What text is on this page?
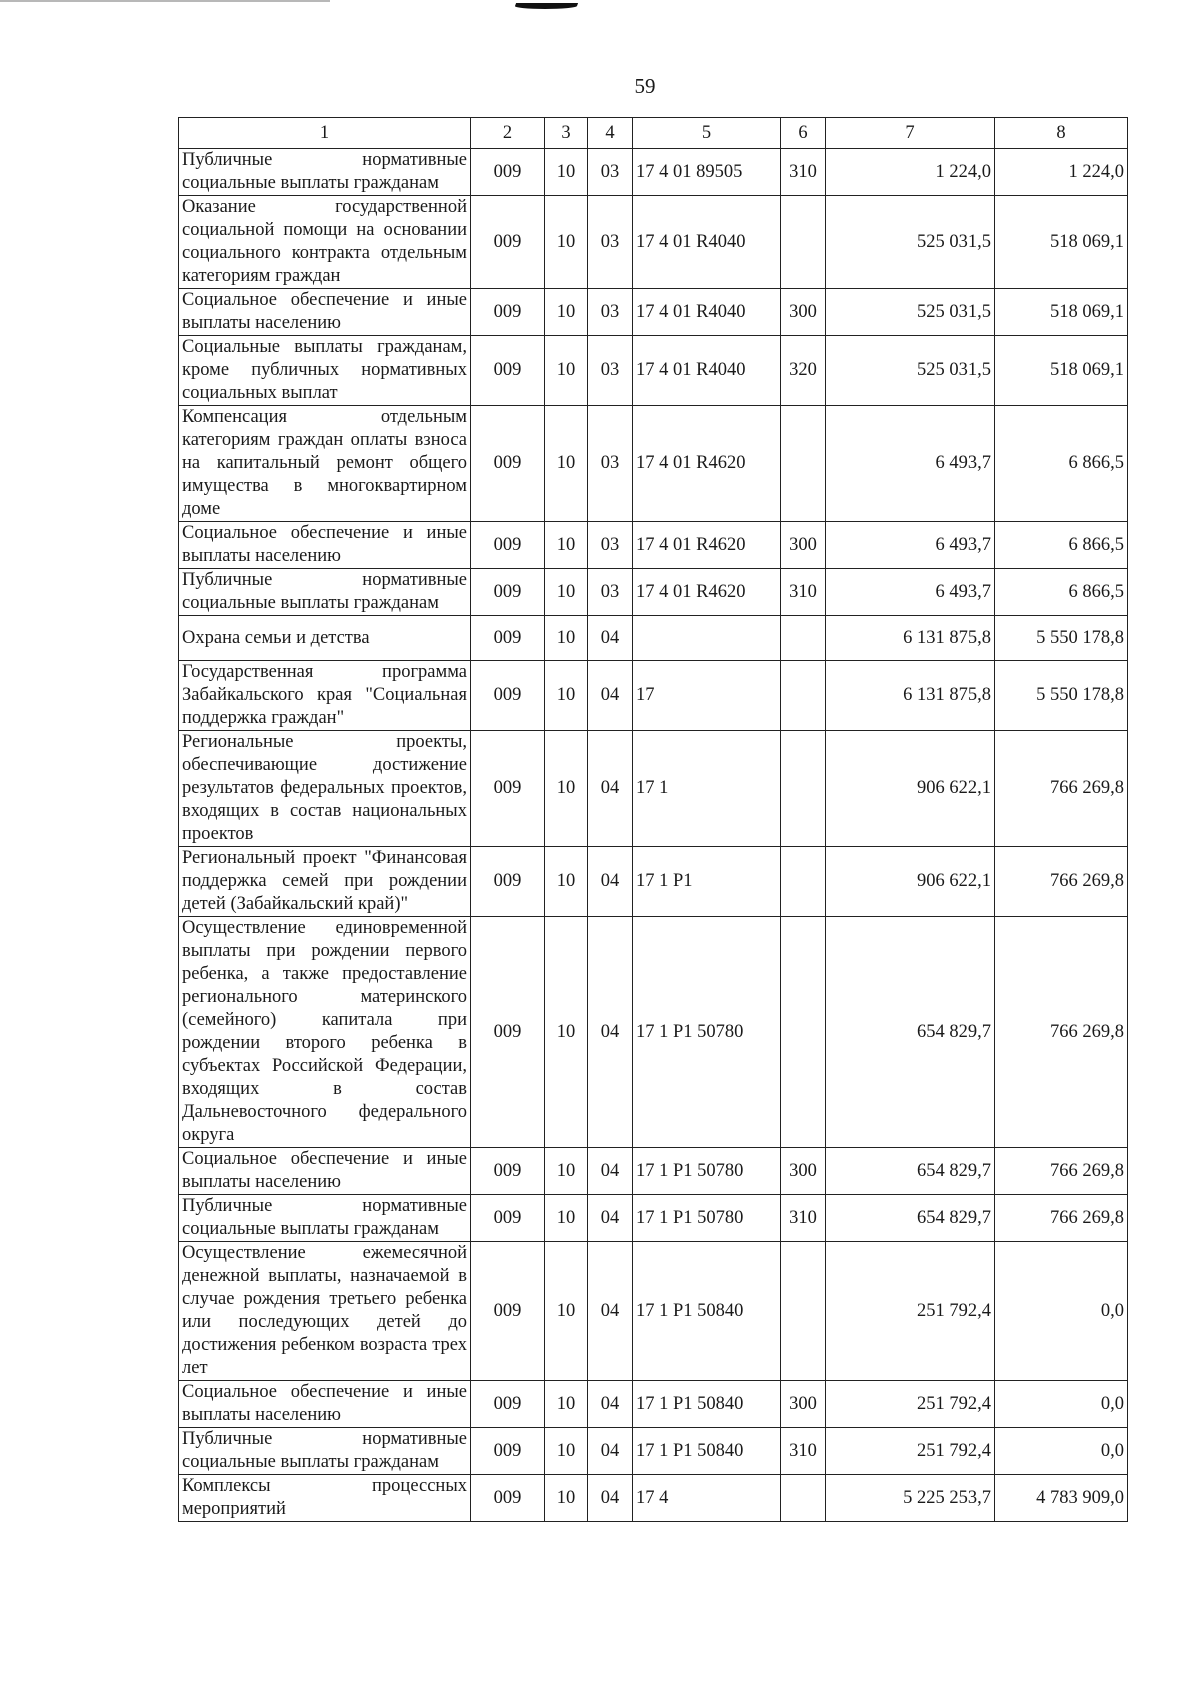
59
1	2	3	4	5	6	7	8
Публичные нормативные социальные выплаты гражданам	009	10	03	17 4 01 89505	310	1 224,0	1 224,0
Оказание государственной социальной помощи на основании социального контракта отдельным категориям граждан	009	10	03	17 4 01 R4040		525 031,5	518 069,1
Социальное обеспечение и иные выплаты населению	009	10	03	17 4 01 R4040	300	525 031,5	518 069,1
Социальные выплаты гражданам, кроме публичных нормативных социальных выплат	009	10	03	17 4 01 R4040	320	525 031,5	518 069,1
Компенсация отдельным категориям граждан оплаты взноса на капитальный ремонт общего имущества в многоквартирном доме	009	10	03	17 4 01 R4620		6 493,7	6 866,5
Социальное обеспечение и иные выплаты населению	009	10	03	17 4 01 R4620	300	6 493,7	6 866,5
Публичные нормативные социальные выплаты гражданам	009	10	03	17 4 01 R4620	310	6 493,7	6 866,5
Охрана семьи и детства	009	10	04			6 131 875,8	5 550 178,8
Государственная программа Забайкальского края "Социальная поддержка граждан"	009	10	04	17		6 131 875,8	5 550 178,8
Региональные проекты, обеспечивающие достижение результатов федеральных проектов, входящих в состав национальных проектов	009	10	04	17 1		906 622,1	766 269,8
Региональный проект "Финансовая поддержка семей при рождении детей (Забайкальский край)"	009	10	04	17 1 P1		906 622,1	766 269,8
Осуществление единовременной выплаты при рождении первого ребенка, а также предоставление регионального материнского (семейного) капитала при рождении второго ребенка в субъектах Российской Федерации, входящих в состав Дальневосточного федерального округа	009	10	04	17 1 P1 50780		654 829,7	766 269,8
Социальное обеспечение и иные выплаты населению	009	10	04	17 1 P1 50780	300	654 829,7	766 269,8
Публичные нормативные социальные выплаты гражданам	009	10	04	17 1 P1 50780	310	654 829,7	766 269,8
Осуществление ежемесячной денежной выплаты, назначаемой в случае рождения третьего ребенка или последующих детей до достижения ребенком возраста трех лет	009	10	04	17 1 P1 50840		251 792,4	0,0
Социальное обеспечение и иные выплаты населению	009	10	04	17 1 P1 50840	300	251 792,4	0,0
Публичные нормативные социальные выплаты гражданам	009	10	04	17 1 P1 50840	310	251 792,4	0,0
Комплексы процессных мероприятий	009	10	04	17 4		5 225 253,7	4 783 909,0
